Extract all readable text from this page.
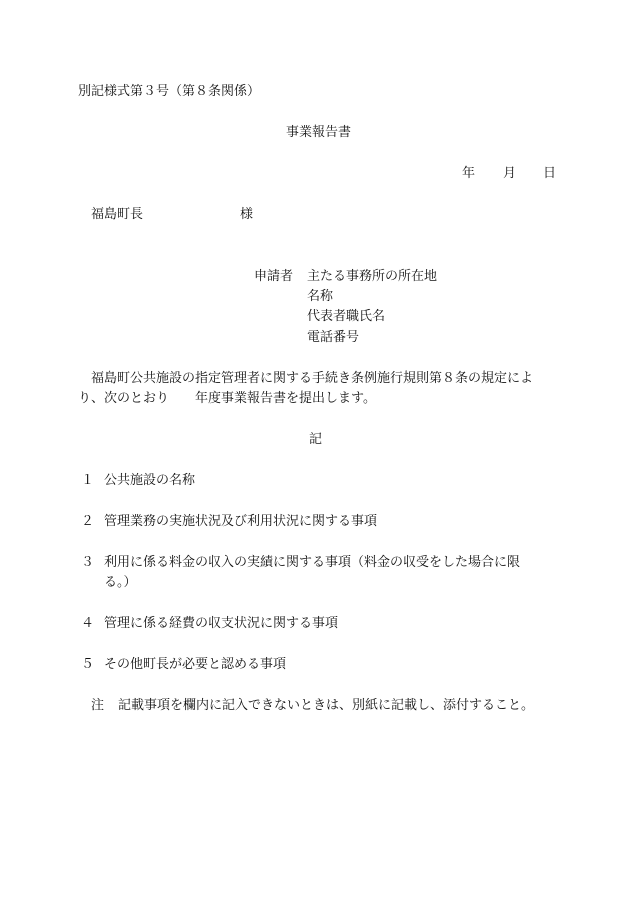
別記様式第３号（第８条関係）
事業報告書
年 月 日
福島町長	様
申請者 主たる事務所の所在地
名称
代表者職氏名
電話番号
福島町公共施設の指定管理者に関する手続き条例施行規則第８条の規定によ
り、次のとおり　　年度事業報告書を提出します。
記
１ 公共施設の名称
２ 管理業務の実施状況及び利用状況に関する事項
３ 利用に係る料金の収入の実績に関する事項（料金の収受をした場合に限
る。）
４ 管理に係る経費の収支状況に関する事項
５ その他町長が必要と認める事項
注 記載事項を欄内に記入できないときは、別紙に記載し、添付すること。
